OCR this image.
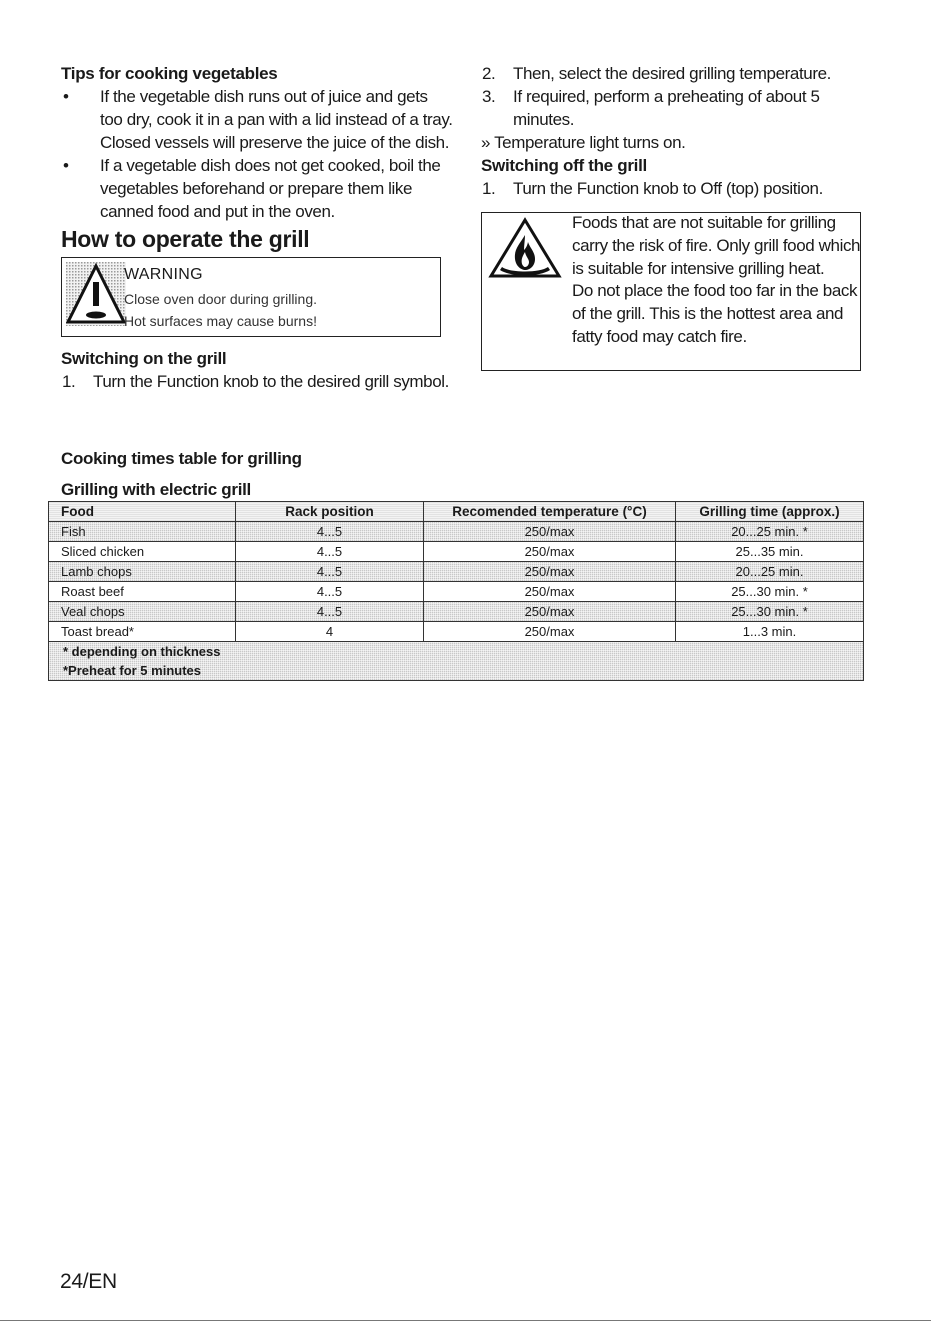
Tips for cooking vegetables
• If the vegetable dish runs out of juice and gets too dry, cook it in a pan with a lid instead of a tray. Closed vessels will preserve the juice of the dish.
• If a vegetable dish does not get cooked, boil the vegetables beforehand or prepare them like canned food and put in the oven.
How to operate the grill
WARNING
Close oven door during grilling.
Hot surfaces may cause burns!
Switching on the grill
1. Turn the Function knob to the desired grill symbol.
2. Then, select the desired grilling temperature.
3. If required, perform a preheating of about 5 minutes.

» Temperature light turns on.

Switching off the grill
1. Turn the Function knob to Off (top) position.

Foods that are not suitable for grilling carry the risk of fire. Only grill food which is suitable for intensive grilling heat.

Do not place the food too far in the back of the grill. This is the hottest area and fatty food may catch fire.

Cooking times table for grilling
Grilling with electric grill
Food	Rack position	Recomended temperature (°C)	Grilling time (approx.)
Fish	4...5	250/max	20...25 min. *
Sliced chicken	4...5	250/max	25...35 min.
Lamb chops	4...5	250/max	20...25 min.
Roast beef	4...5	250/max	25...30 min. *
Veal chops	4...5	250/max	25...30 min. *
Toast bread*	4	250/max	1...3 min.

* depending on thickness
*Preheat for 5 minutes			
24/EN
